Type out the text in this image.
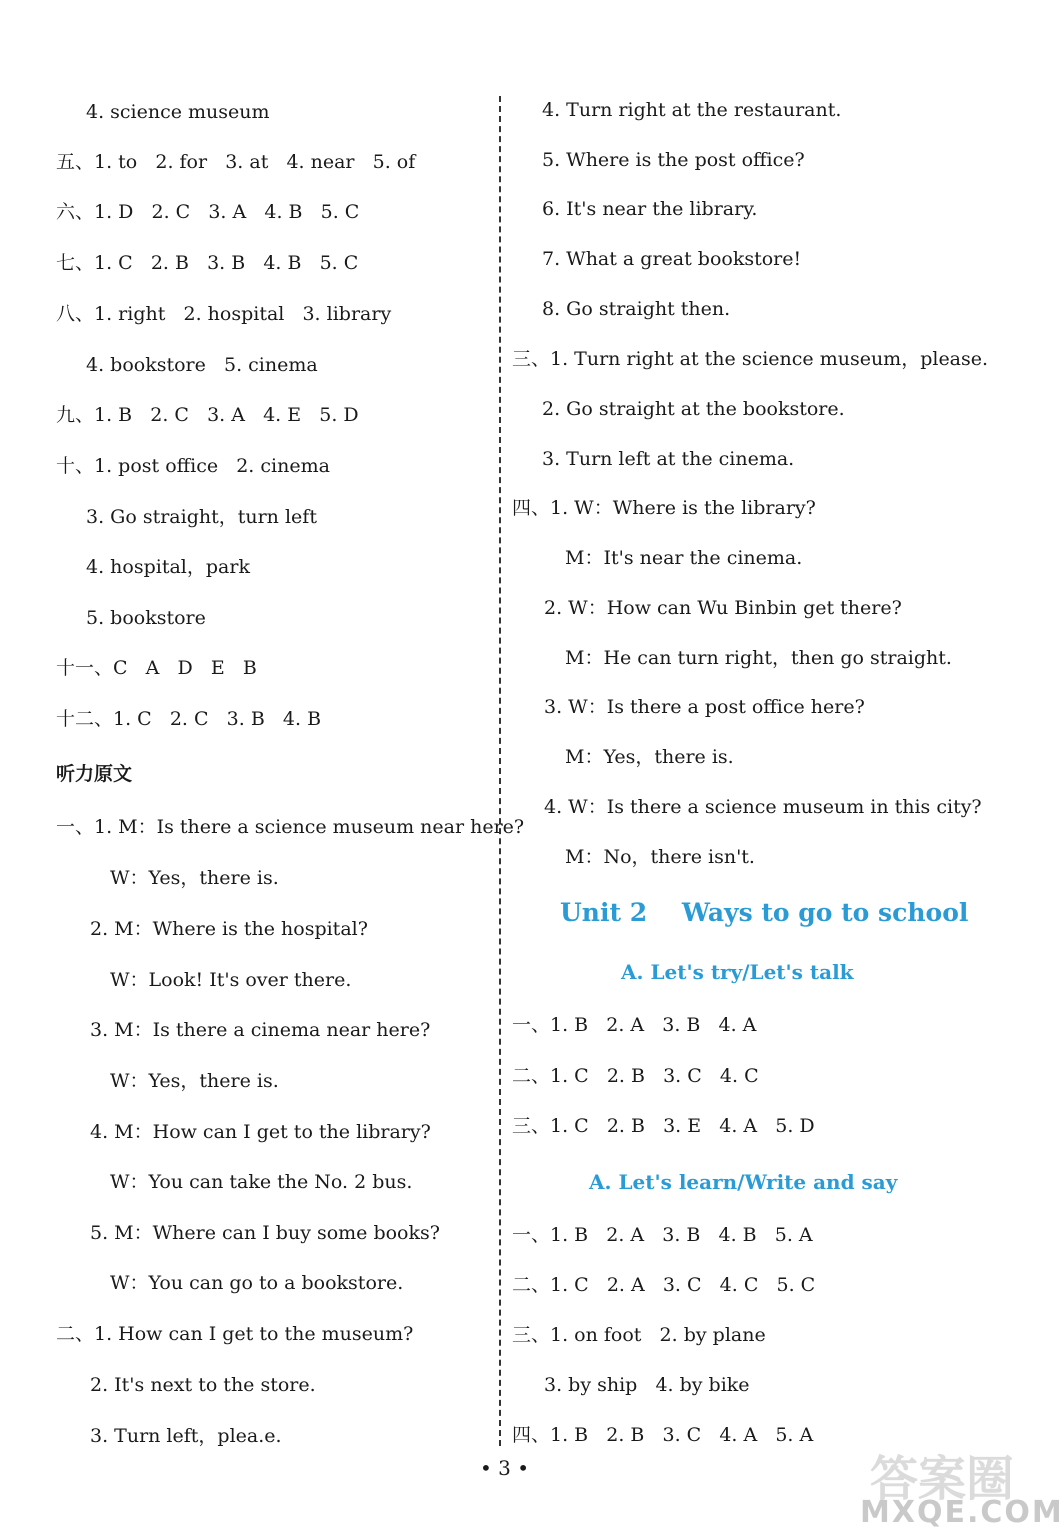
4. science museum
五、1. to   2. for   3. at   4. near   5. of
六、1. D   2. C   3. A   4. B   5. C
七、1. C   2. B   3. B   4. B   5. C
八、1. right   2. hospital   3. library
4. bookstore   5. cinema
九、1. B   2. C   3. A   4. E   5. D
十、1. post office   2. cinema
3. Go straight，turn left
4. hospital，park
5. bookstore
十一、C   A   D   E   B
十二、1. C   2. C   3. B   4. B
听力原文
一、1. M：Is there a science museum near here?
W：Yes，there is.
2. M：Where is the hospital?
W：Look! It's over there.
3. M：Is there a cinema near here?
W：Yes，there is.
4. M：How can I get to the library?
W：You can take the No. 2 bus.
5. M：Where can I buy some books?
W：You can go to a bookstore.
二、1. How can I get to the museum?
2. It's next to the store.
3. Turn left，plea.e.
4. Turn right at the restaurant.
5. Where is the post office?
6. It's near the library.
7. What a great bookstore!
8. Go straight then.
三、1. Turn right at the science museum，please.
2. Go straight at the bookstore.
3. Turn left at the cinema.
四、1. W：Where is the library?
M：It's near the cinema.
2. W：How can Wu Binbin get there?
M：He can turn right，then go straight.
3. W：Is there a post office here?
M：Yes，there is.
4. W：Is there a science museum in this city?
M：No，there isn't.
Unit 2    Ways to go to school
A. Let's try/Let's talk
一、1. B   2. A   3. B   4. A
二、1. C   2. B   3. C   4. C
三、1. C   2. B   3. E   4. A   5. D
A. Let's learn/Write and say
一、1. B   2. A   3. B   4. B   5. A
二、1. C   2. A   3. C   4. C   5. C
三、1. on foot   2. by plane
3. by ship   4. by bike
四、1. B   2. B   3. C   4. A   5. A
• 3 •	答案圈
MXQE.COM
